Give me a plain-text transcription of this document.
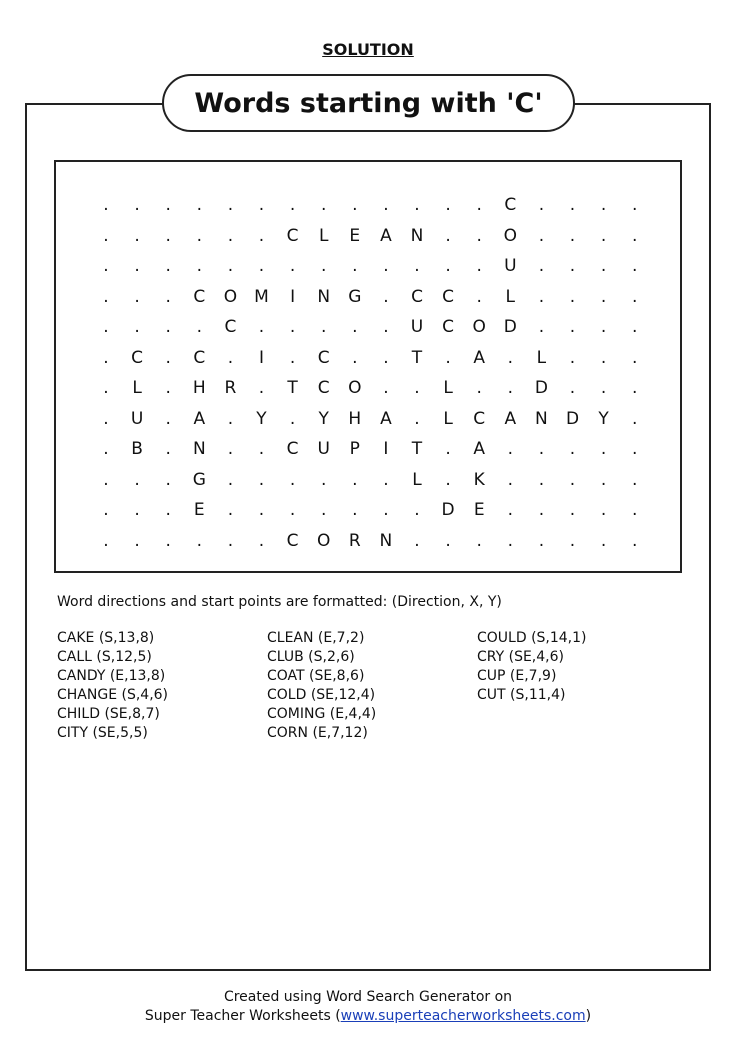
SOLUTION
Words starting with 'C'
.	.	.	.	.	.	.	.	.	.	.	.	.	C	.	.	.	.
.	.	.	.	.	.	C	L	E	A	N	.	.	O	.	.	.	.
.	.	.	.	.	.	.	.	.	.	.	.	.	U	.	.	.	.
.	.	.	C	O	M	I	N	G	.	C	C	.	L	.	.	.	.
.	.	.	.	C	.	.	.	.	.	U	C	O	D	.	.	.	.
.	C	.	C	.	I	.	C	.	.	T	.	A	.	L	.	.	.
.	L	.	H	R	.	T	C	O	.	.	L	.	.	D	.	.	.
.	U	.	A	.	Y	.	Y	H	A	.	L	C	A	N	D	Y	.
.	B	.	N	.	.	C	U	P	I	T	.	A	.	.	.	.	.
.	.	.	G	.	.	.	.	.	.	L	.	K	.	.	.	.	.
.	.	.	E	.	.	.	.	.	.	.	D	E	.	.	.	.	.
.	.	.	.	.	.	C	O	R	N	.	.	.	.	.	.	.	.
Word directions and start points are formatted: (Direction, X, Y)
CAKE (S,13,8)
CALL (S,12,5)
CANDY (E,13,8)
CHANGE (S,4,6)
CHILD (SE,8,7)
CITY (SE,5,5)
CLEAN (E,7,2)
CLUB (S,2,6)
COAT (SE,8,6)
COLD (SE,12,4)
COMING (E,4,4)
CORN (E,7,12)
COULD (S,14,1)
CRY (SE,4,6)
CUP (E,7,9)
CUT (S,11,4)
Created using Word Search Generator on
Super Teacher Worksheets (www.superteacherworksheets.com)
